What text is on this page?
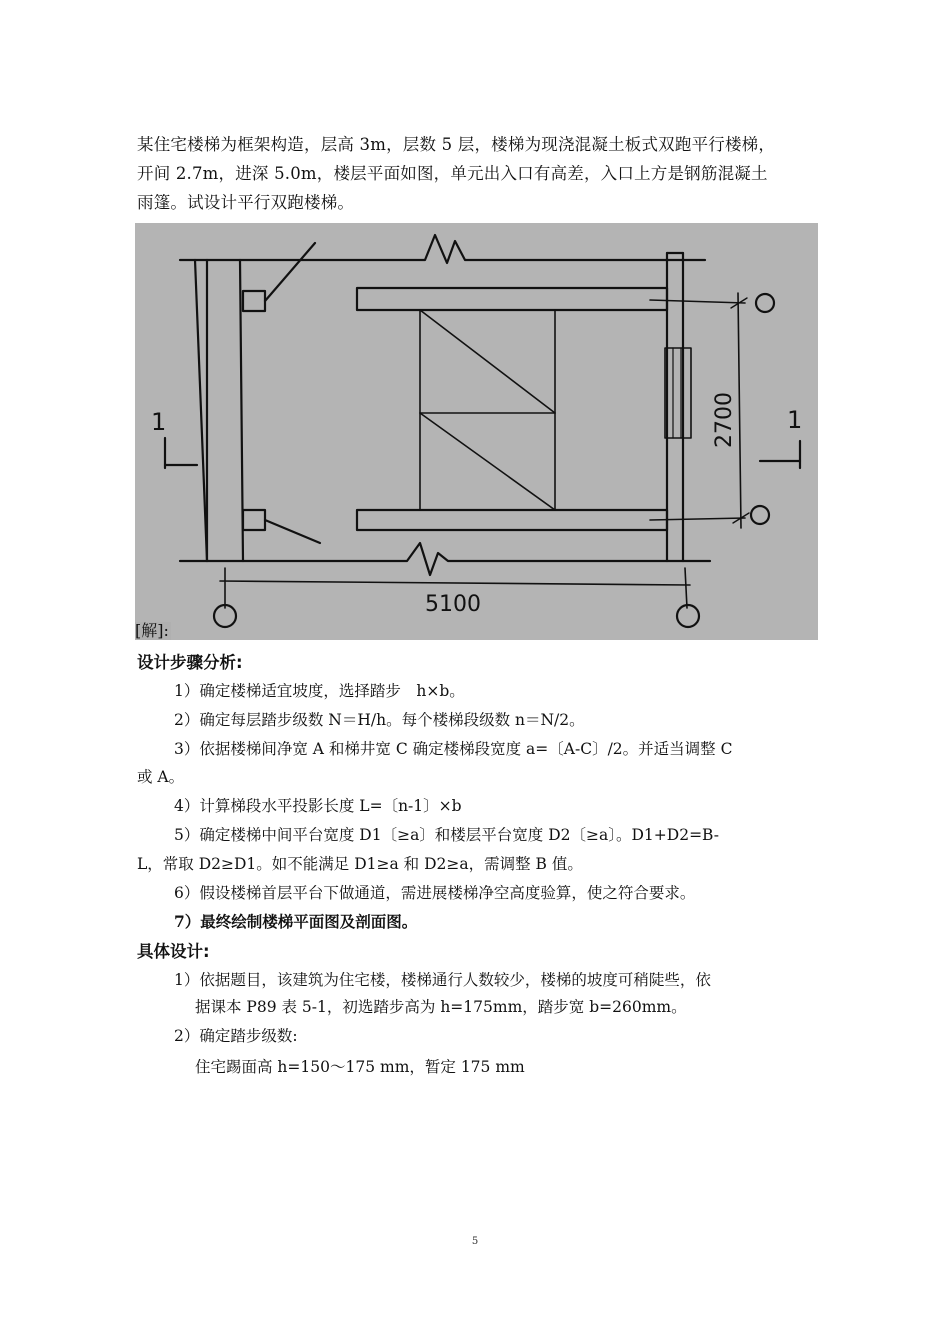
某住宅楼梯为框架构造，层高 3m，层数 5 层，楼梯为现浇混凝土板式双跑平行楼梯，

开间 2.7m，进深 5.0m，楼层平面如图，单元出入口有高差，入口上方是钢筋混凝土

雨篷。试设计平行双跑楼梯。

1	1
2700
5100
[解]:
设计步骤分析:
1）确定楼梯适宜坡度，选择踏步　h×b。
2）确定每层踏步级数 N＝H/h。每个楼梯段级数 n＝N/2。
3）依据楼梯间净宽 A 和梯井宽 C 确定楼梯段宽度 a=〔A-C〕/2。并适当调整 C
或 A。
4）计算梯段水平投影长度 L=〔n-1〕×b
5）确定楼梯中间平台宽度 D1〔≥a〕和楼层平台宽度 D2〔≥a〕。D1+D2=B-
L，常取 D2≥D1。如不能满足 D1≥a 和 D2≥a，需调整 B 值。
6）假设楼梯首层平台下做通道，需进展楼梯净空高度验算，使之符合要求。
7）最终绘制楼梯平面图及剖面图。
具体设计:
1）依据题目，该建筑为住宅楼，楼梯通行人数较少，楼梯的坡度可稍陡些，依
据课本 P89 表 5-1，初选踏步高为 h=175mm，踏步宽 b=260mm。
2）确定踏步级数:
住宅踢面高 h=150～175 mm，暂定 175 mm
5
